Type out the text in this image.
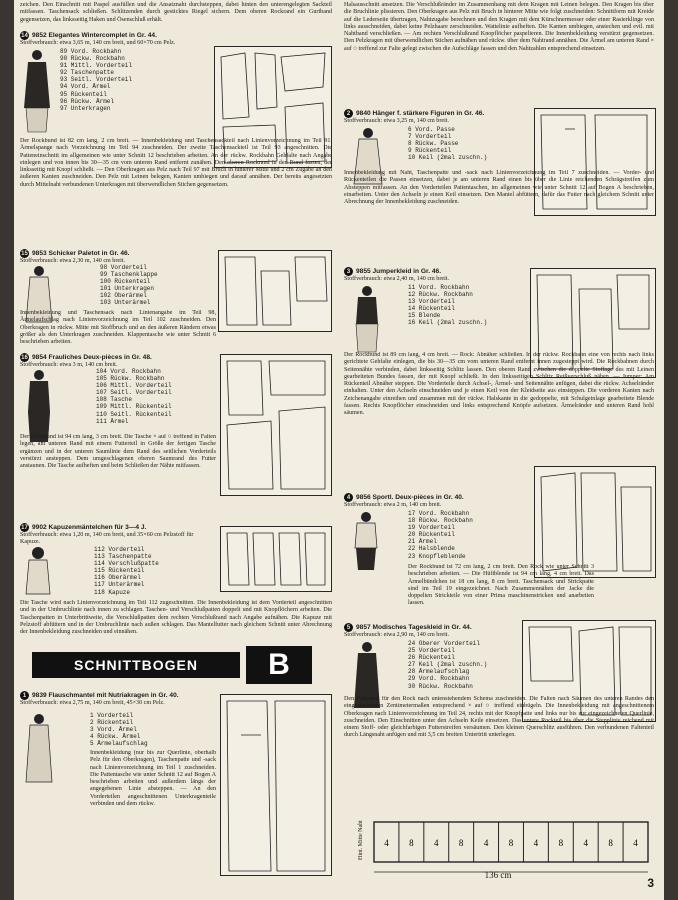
zeichen. Den Einschnitt mit Paspel ausfüllen und die Ansatznaht durchsteppen, dabei hinten den unterengelegten Sackteil mitfassen. Taschensack schließen. Schlitzenden durch gesticktes Riegel sichern. Dem oberen Rockrand ein Gurtband gegensetzen, das linksseitig Haken und Ösenschluß erhält.

14 9852 Elegantes Wintercomplet in Gr. 44.

Stoffverbrauch: etwa 3,65 m, 140 cm breit, und 60×70 cm Pelz.

89 Vord. Rockbahn
90 Rückw. Rockbahn
91 Mittl. Vorderteil
92 Taschenpatte
93 Seitl. Vorderteil
94 Vord. Ärmel
95 Rückenteil
96 Rückw. Ärmel
97 Unterkragen

Der Rockbund ist 82 cm lang, 2 cm breit. — Innenbekleidung und Taschensackteil nach Linienvorzeichnung im Teil 91. Ärmelspange nach Vorzeichnung im Teil 94 zuschneiden. Der zweite Taschensackteil ist Teil 93 angeschnitten. Die Patteneinschnitt im allgemeinen wie unter Schnitt 12 beschrieben arbeiten. An der rückw. Rockbahn Gehfalte nach Angabe einlegen und von innen bis 30—35 cm vom unteren Rand entfernt zunähen. Den oberen Rockrand in den Bund fassen, der linksseitig mit Knopf schließt. — Den Oberkragen aus Pelz nach Teil 97 mit Bruch in hinterer Mitte und 2 cm Zugabe an den äußeren Kanten zuschneiden. Den Pelz mit Leinen belegen, Kanten umbiegen und darauf annähen. Der bereits angesetzten durch Mittelnaht verbundenen Unterkragen mit überwendlichen Stichen gegensetzen.

15 9853 Schicker Paletot in Gr. 46.

Stoffverbrauch: etwa 2,30 m, 140 cm breit.

98 Vorderteil
99 Taschenklappe
100 Rückenteil
101 Unterkragen
102 Oberärmel
103 Unterärmel

Innenbekleidung und Taschensack nach Linienangabe im Teil 98, Ärmelaufschlag nach Linienvorzeichnung im Teil 102 zuschneiden. Den Oberkragen in rückw. Mitte mit Stoffbruch und an den äußeren Rändern etwas größer als den Unterkragen zuschneiden. Klappentasche wie unter Schnitt 6 beschrieben arbeiten.

16 9854 Frauliches Deux-pièces in Gr. 48.

Stoffverbrauch: etwa 3 m, 140 cm breit.

104 Vord. Rockbahn
105 Rückw. Rockbahn
106 Mittl. Vorderteil
107 Seitl. Vorderteil
108 Tasche
109 Mittl. Rückenteil
110 Seitl. Rückenteil
111 Ärmel

Der Rockbund ist 94 cm lang, 3 cm breit. Die Tasche × auf ○ treffend in Falten legen, am unteren Rand mit einem Futterteil in Größe der fertigen Tasche ergänzen und in der unteren Saumlinie dem Rand des seitlichen Vorderteils verstürzt ansteppen. Dem umgeschlagenen oberen Saumrand des Futter anstaunen. Die Tasche aufheften und beim Schließen der Nähte mitfassen.

17 9902 Kapuzenmäntelchen für 3—4 J.

Stoffverbrauch: etwa 1,20 m, 140 cm breit, und 35×60 cm Pelzstoff für Kapuze.

112 Vorderteil
113 Taschenpatte
114 Verschlußpatte
115 Rückenteil
116 Oberärmel
117 Unterärmel
118 Kapuze

Die Tasche wird nach Linienvorzeichnung im Teil 112 zugeschnitten. Die Innenbekleidung ist dem Vorderteil angeschnitten und in der Umbruchlinie nach innen zu schlagen. Taschen- und Verschlußpatten doppelt und mit Knopflöchern arbeiten. Die Taschenpatten in Unterbrittweite, die Verschlußpatten dem rechten Verschlußrand nach Angabe aufnähen. Die Kapuze mit Pelzstoff abfüttern und in der Umbruchlinie nach außen schlagen. Das Mantelfutter nach gleichem Schnitt unter Abrechnung der Innenbekleidung zuschneiden und einnähen.

SCHNITTBOGEN	B
1 9839 Flauschmantel mit Nutriakragen in Gr. 40.

Stoffverbrauch: etwa 2,75 m, 140 cm breit, 45×30 cm Pelz.

1 Vorderteil
2 Rückenteil
3 Vord. Ärmel
4 Rückw. Ärmel
5 Ärmelaufschlag

Innenbekleidung (nur bis zur Querlinie, oberhalb Pelz für den Oberkragen), Taschenpatte und -sack nach Linienvorzeichnung im Teil 1 zuschneiden. Die Pattentasche wie unter Schnitt 12 auf Bogen A beschrieben arbeiten und außerdem längs der angegebenen Linie absteppen. — An den Vorderteilen angeschnittenen Unterkragenteile verbinden und dem rückw.

Halsausschnitt ansetzen. Die Verschlußränder im Zusammenhang mit dem Kragen mit Leinen belegen. Den Kragen bis über die Bruchlinie plissieren. Den Oberkragen aus Pelz mit Bruch in hinterer Mitte wie folgt zuschneiden: Schnittform mit Kreide auf die Lederseite übertragen, Nahtzugabe berechnen und den Kragen mit dem Kürschnermesser oder einer Rasierklinge von links ausschneiden, dabei keine Pelzhaare zerschneiden. Wattelinie aufheften. Die Kanten umbiegen, anstechen und evtl. mit Nahtband verschließen. — Am rechten Verschlußrand Knopflöcher paspelieren. Die Innenbekleidung verstürzt gegensetzen. Den Pelzkragen mit überwendlichen Stichen aufnähen und rückw. über dem Nahtrand annähen. Die Ärmel am unteren Rand × auf ○ treffend zur Falte gelegt zwischen die Aufschläge fassen und den Nahtzahlen entsprechend einsetzen.

2 9840 Hänger f. stärkere Figuren in Gr. 46.

Stoffverbrauch: etwa 3,25 m, 140 cm breit.

6 Vord. Passe
7 Vorderteil
8 Rückw. Passe
9 Rückenteil
10 Keil (2mal zuschn.)

Innenbekleidung mit Naht, Taschenpatte und -sack nach Linienvorzeichnung im Teil 7 zuschneiden. — Vorder- und Rückenteilen die Passen einsetzen, dabei je am unteren Rand einen bis über die Linie reichenden Schrägstreifen zum Absteppen mitfassen. An den Vorderteilen Pattentaschen, im allgemeinen wie unter Schnitt 12 auf Bogen A beschrieben, einarbeiten. Unter den Achseln je einen Keil einsetzen. Den Mantel abfüttern, dafür das Futter nach gleichem Schnitt unter Abrechnung der Innenbekleidung zuschneiden.

3 9855 Jumperkleid in Gr. 46.

Stoffverbrauch: etwa 2,40 m, 140 cm breit.

11 Vord. Rockbahn
12 Rückw. Rockbahn
13 Vorderteil
14 Rückenteil
15 Blende
16 Keil (2mal zuschn.)

Der Rockbund ist 89 cm lang, 4 cm breit. — Rock: Abnäher schließen. In der rückw. Rockbahn eine von rechts nach links gerichtete Gehfalte einlegen, die bis 30—35 cm vom unteren Rand entfernt innen zugesteppt wird. Die Rockbahnen durch Seitennähte verbinden, dabei linksseitig Schlitz lassen. Den oberen Rand zwischen die doppelte Stoffage des mit Leinen gearbeiteten Bundes fassen, der mit Knopf schließt. In den linksseitigen Schlitz Reißverschluß nähen. — Jumper: Am Rückenteil Abnäher steppen. Die Vorderteile durch Achsel-, Ärmel- und Seitennähte anfügen, dabei die rückw. Achselränder einhalten. Unter den Achseln einschneiden und je einen Keil von der Kleidseite aus einsteppen. Die vorderen Kanten nach Zeichenangabe einreihen und zusammen mit der rückw. Halskante in die gedoppelte, mit Schulgeinlage gearbeitete Blende fassen. Rechts Knopflöcher einschneiden und links entsprechend Knöpfe aufsetzen. Ärmelränder und unteren Rand hohl säumen.

4 9856 Sportl. Deux-pièces in Gr. 40.

Stoffverbrauch: etwa 2 m, 140 cm breit.

17 Vord. Rockbahn
18 Rückw. Rockbahn
19 Vorderteil
20 Rückenteil
21 Ärmel
22 Halsblende
23 Knopfleblende

Der Rockbund ist 72 cm lang, 2 cm breit. Den Rock wie unter Schnitt 3 beschrieben arbeiten. — Die Hüftblende ist 94 cm lang, 4 cm breit. Das Ärmelbündchen ist 18 cm lang, 8 cm breit. Taschensack und Strickpatte sind im Teil 19 eingezeichnet. Nach Zusammennähen der Jacke die doppelten Strickteile von einer Prima maschinenstricken und anarbeiten lassen.

5 9857 Modisches Tageskleid in Gr. 44.

Stoffverbrauch: etwa 2,90 m, 140 cm breit.

24 Oberer Vorderteil
25 Vorderteil
26 Rückenteil
27 Keil (2mal zuschn.)
28 Ärmelaufschlag
29 Vord. Rockbahn
30 Rückw. Rockbahn

Den Faltenteil für den Rock nach untenstehendem Schema zuschneiden. Die Falten nach Säumen des unteren Randes den eingezeichneten Zentimetermaßen entsprechend × auf ○ treffend einbügeln. Die Innenbekleidung mit angeschnittenem Oberkragen nach Linienvorzeichnung im Teil 24, rechts mit der Knopfpatte und links nur bis zur eingezeichneten Querlinie, zuschneiden. Den Einschnitten unter den Achseln Keile einsetzen. Das untere Rockteil bis über die Stepplinie reichend mit einem Stoff- oder gleichfarbigen Futterstreifen versäumen. Den kleinen Querschlitz ausführen. Den verbundenen Faltenteil durch Längsnaht anfügen und mit 3,5 cm breiten Untertritt unterlegen.

4 8 4 8 4 8 4 8 4 8 4
136 cm
Hint. Mitte Naht
3
